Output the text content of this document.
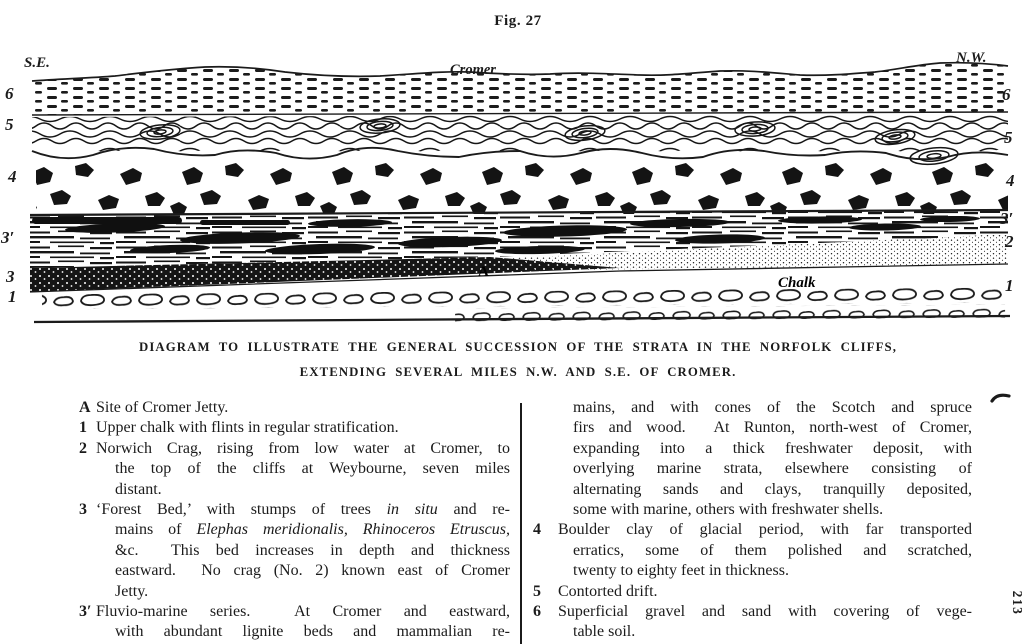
Fig. 27
Chalk
A
S.E.	N.W.
Cromer
6
5
4
3′
3
1
6
5
4
3′
2
1
DIAGRAM TO ILLUSTRATE THE GENERAL SUCCESSION OF THE STRATA IN THE NORFOLK CLIFFS,
EXTENDING SEVERAL MILES N.W. AND S.E. OF CROMER.
A Site of Cromer Jetty.
1 Upper chalk with flints in regular stratification.
2 Norwich Crag, rising from low water at Cromer, to
the top of the cliffs at Weybourne, seven miles
distant.
3 ‘Forest Bed,’ with stumps of trees in situ and re-
mains of Elephas meridionalis, Rhinoceros Etruscus,
&c.  This bed increases in depth and thickness
eastward.  No crag (No. 2) known east of Cromer
Jetty.
3′ Fluvio-marine series.  At Cromer and eastward,
with abundant lignite beds and mammalian re-
mains, and with cones of the Scotch and spruce
firs and wood.  At Runton, north-west of Cromer,
expanding into a thick freshwater deposit, with
overlying marine strata, elsewhere consisting of
alternating sands and clays, tranquilly deposited,
some with marine, others with freshwater shells.
4 Boulder clay of glacial period, with far transported
erratics, some of them polished and scratched,
twenty to eighty feet in thickness.
5 Contorted drift.
6 Superficial gravel and sand with covering of vege-
table soil.
213
